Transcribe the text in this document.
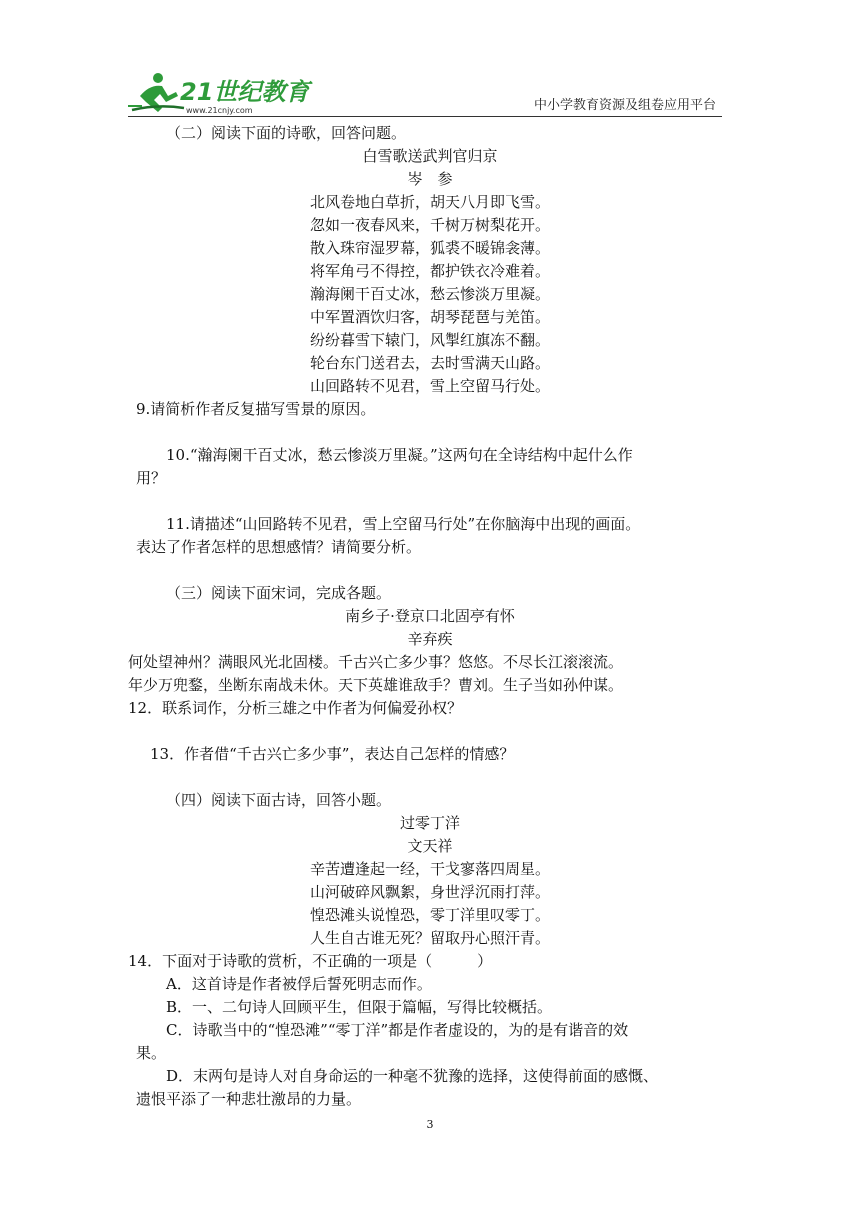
21世纪教育
www.21cnjy.com	中小学教育资源及组卷应用平台

（二）阅读下面的诗歌，回答问题。

白雪歌送武判官归京

岑　参

北风卷地白草折，胡天八月即飞雪。

忽如一夜春风来，千树万树梨花开。

散入珠帘湿罗幕，狐裘不暖锦衾薄。

将军角弓不得控，都护铁衣冷难着。

瀚海阑干百丈冰，愁云惨淡万里凝。

中军置酒饮归客，胡琴琵琶与羌笛。

纷纷暮雪下辕门，风掣红旗冻不翻。

轮台东门送君去，去时雪满天山路。

山回路转不见君，雪上空留马行处。

9.请简析作者反复描写雪景的原因。

10.“瀚海阑干百丈冰，愁云惨淡万里凝。”这两句在全诗结构中起什么作

用？

11.请描述“山回路转不见君，雪上空留马行处”在你脑海中出现的画面。

表达了作者怎样的思想感情？请简要分析。

（三）阅读下面宋词，完成各题。

南乡子·登京口北固亭有怀

辛弃疾

何处望神州？满眼风光北固楼。千古兴亡多少事？悠悠。不尽长江滚滚流。

年少万兜鍪，坐断东南战未休。天下英雄谁敌手？曹刘。生子当如孙仲谋。

12．联系词作，分析三雄之中作者为何偏爱孙权？

13．作者借“千古兴亡多少事”，表达自己怎样的情感？

（四）阅读下面古诗，回答小题。

过零丁洋

文天祥

辛苦遭逢起一经，干戈寥落四周星。

山河破碎风飘絮，身世浮沉雨打萍。

惶恐滩头说惶恐，零丁洋里叹零丁。

人生自古谁无死？留取丹心照汗青。

14．下面对于诗歌的赏析，不正确的一项是（　　　）

A．这首诗是作者被俘后誓死明志而作。

B．一、二句诗人回顾平生，但限于篇幅，写得比较概括。

C．诗歌当中的“惶恐滩”“零丁洋”都是作者虚设的，为的是有谐音的效

果。

D．末两句是诗人对自身命运的一种毫不犹豫的选择，这使得前面的感慨、

遗恨平添了一种悲壮激昂的力量。

3
